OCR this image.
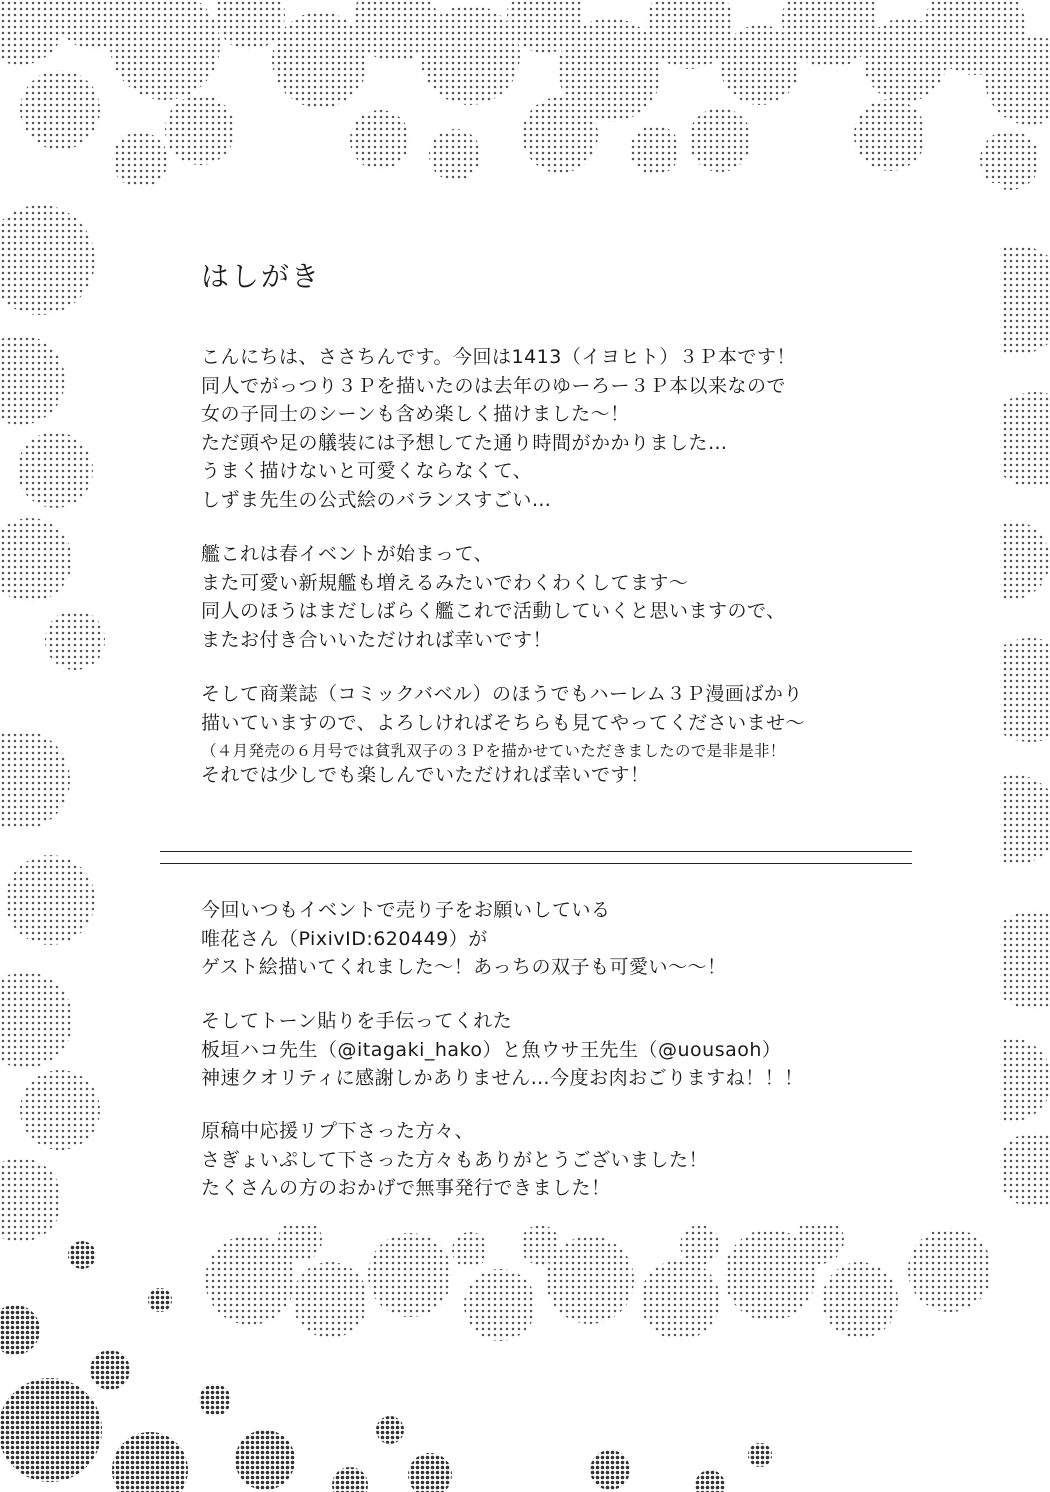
はしがき

こんにちは、ささちんです。今回は1413（イヨヒト）３Ｐ本です！
同人でがっつり３Ｐを描いたのは去年のゆーろー３Ｐ本以来なので
女の子同士のシーンも含め楽しく描けました～！
ただ頭や足の艤装には予想してた通り時間がかかりました…
うまく描けないと可愛くならなくて、
しずま先生の公式絵のバランスすごい…

艦これは春イベントが始まって、
また可愛い新規艦も増えるみたいでわくわくしてます～
同人のほうはまだしばらく艦これで活動していくと思いますので、
またお付き合いいただければ幸いです！

そして商業誌（コミックバベル）のほうでもハーレム３Ｐ漫画ばかり
描いていますので、よろしければそちらも見てやってくださいませ～
（４月発売の６月号では貧乳双子の３Ｐを描かせていただきましたので是非是非！

それでは少しでも楽しんでいただければ幸いです！

今回いつもイベントで売り子をお願いしている
唯花さん（PixivID:620449）が
ゲスト絵描いてくれました～！あっちの双子も可愛い～～！

そしてトーン貼りを手伝ってくれた
板垣ハコ先生（@itagaki_hako）と魚ウサ王先生（@uousaoh）
神速クオリティに感謝しかありません…今度お肉おごりますね！！！

原稿中応援リプ下さった方々、
さぎょいぷして下さった方々もありがとうございました！
たくさんの方のおかげで無事発行できました！
